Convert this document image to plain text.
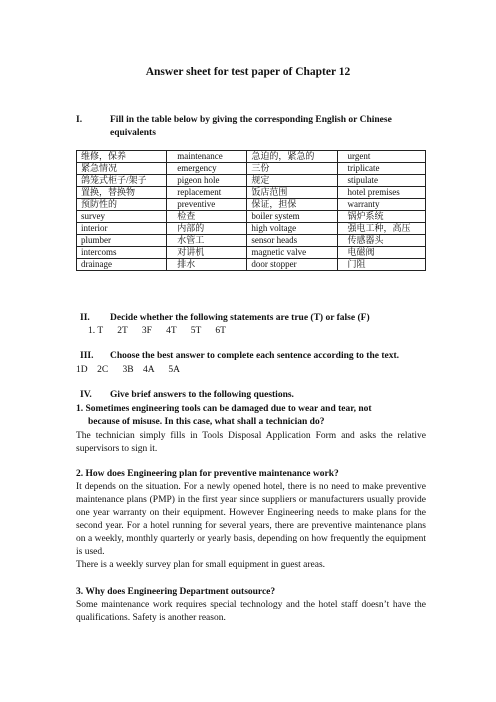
Answer sheet for test paper of Chapter 12
I.	Fill in the table below by giving the corresponding English or Chinese
equivalents
维修，保养	maintenance	急迫的，紧急的	urgent
紧急情况	emergency	三份	triplicate
鸽笼式柜子/架子	pigeon hole	规定	stipulate
置换，替换物	replacement	饭店范围	hotel premises
预防性的	preventive	保证，担保	warranty
survey	检查	boiler system	锅炉系统
interior	内部的	high voltage	强电工种，高压
plumber	水管工	sensor heads	传感器头
intercoms	对讲机	magnetic valve	电磁阀
drainage	排水	door stopper	门阻
II. Decide whether the following statements are true (T) or false (F)
1. T      2T      3F      4T      5T      6T
III. Choose the best answer to complete each sentence according to the text.
1D    2C      3B    4A      5A
IV. Give brief answers to the following questions.
1. Sometimes engineering tools can be damaged due to wear and tear, not
because of misuse. In this case, what shall a technician do?
The technician simply fills in Tools Disposal Application Form and asks the relative supervisors to sign it.
2. How does Engineering plan for preventive maintenance work?
It depends on the situation. For a newly opened hotel, there is no need to make preventive maintenance plans (PMP) in the first year since suppliers or manufacturers usually provide one year warranty on their equipment. However Engineering needs to make plans for the second year. For a hotel running for several years, there are preventive maintenance plans on a weekly, monthly quarterly or yearly basis, depending on how frequently the equipment is used.
There is a weekly survey plan for small equipment in guest areas.
3. Why does Engineering Department outsource?
Some maintenance work requires special technology and the hotel staff doesn’t have the qualifications. Safety is another reason.
